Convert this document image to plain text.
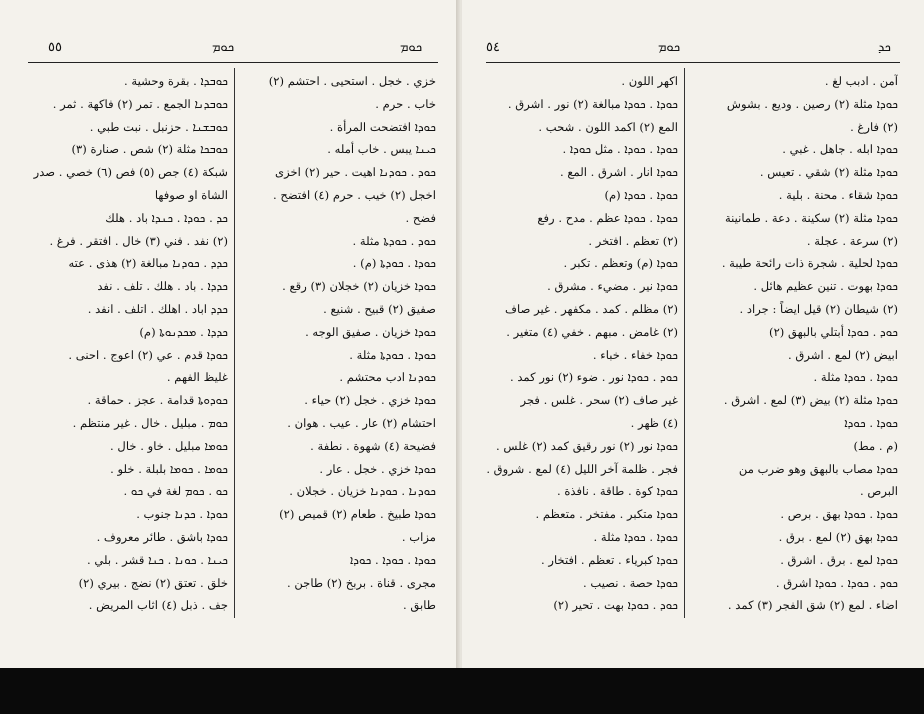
٥٥	ܟܘܡ	ܟܘܡ
ܟܘܒܕܐ . بقرة وحشية .
ܟܘܒܕܢܐ الجمع . تمر (٢) فاكهة . ثمر .
ܟܘܒܫܢܐ . حزنبل . نبت طبي .
ܟܘܒܟܐ مثلة (٢) شص . صنارة (٣)
شبكة (٤) جص (٥) فص (٦) خصي . صدر
الشاة او صوفها
ܟܕ . ܟܘܕܐ . ܟܢܕܐ باد . هلك
(٢) نفد . فني (٣) خال . افتقر . فرغ .
ܟܕܕ . ܟܘܕܢܐ مبالغة (٢) هذى . عته
ܟܕܕܐ . باد . هلك . تلف . نفد
ܟܕܕ اباد . اهلك . اتلف . انفد .
ܟܕܕܐ . ܡܟܕܢܘܬܐ (م)
ܟܘܕܐ قدم . عي (٢) اعوج . احنى .
غليظ الفهم .
ܟܘܕܘܬܐ قدامة . عجز . حماقة .
ܟܘܡ . مبليل . خال . غير منتظم .
ܟܘܡܐ مبليل . خاو . خال .
ܟܘܡܐ . ܟܘܡܐ بلبلة . خلو .
ܟܘ . ܟܘܡ لغة في ܟܘ .
ܟܘܕܐ . ܟܕܢܐ جنوب .
ܟܘܕܐ باشق . طائر معروف .
ܟܝܢܐ . ܟܘܢܐ . ܟܢܐ قشر . بلي .
خلق . تعتق (٢) نضج . بيري (٢)
جف . ذبل (٤) اثاب المريض .
خزي . خجل . استحيى . احتشم (٢)
خاب . حرم .
ܟܘܕܐ افتضحت المرأة .
ܟܝܢܐ يبس . خاب أمله .
ܟܘܕ . ܟܘܕܢܐ اهيت . حير (٢) اخزى
اخجل (٢) خيب . حرم (٤) افتضح .
فضح .
ܟܘܕ . ܟܘܕܬܐ مثلة .
ܟܘܕܐ . ܟܘܕܬܐ (م) .
ܟܘܕܐ خزيان (٢) خجلان (٣) رقع .
صفيق (٢) قبيح . شنيع .
ܟܘܕܐ خزيان . صفيق الوجه .
ܟܘܕܐ . ܟܘܕܬܐ مثلة .
ܟܘܕܢܐ ادب محتشم .
ܟܘܕܐ خزي . خجل (٢) حياء .
احتشام (٢) عار . عيب . هوان .
فضيحة (٤) شهوة . نطفة .
ܟܘܕܐ خزي . خجل . عار .
ܟܘܕܢܐ . ܟܘܕܢܐ خزيان . خجلان .
ܟܘܕܐ طبيخ . طعام (٢) قميص (٢)
مزاب .
ܟܘܕܐ . ܟܘܕܐ . ܟܘܕܐ
مجرى . قناة . بربخ (٢) طاجن .
طابق .
٥٤	ܟܘܡ	ܟܕ
اكهر اللون .
ܟܘܕܐ . ܟܘܕܐ مبالغة (٢) نور . اشرق .
المع (٢) اكمد اللون . شحب .
ܟܘܕܐ . ܟܘܕܐ . مثل ܟܘܕܐ .
ܟܘܕܐ انار . اشرق . المع .
ܟܘܕܐ . ܟܘܕܐ (م)
ܟܘܕܐ . ܟܘܕܐ عظم . مدح . رفع
(٢) تعظم . افتخر .
ܟܘܕܐ (م) وتعظم . تكبر .
ܟܘܕܐ نير . مضيء . مشرق .
(٢) مظلم . كمد . مكفهر . غير صاف
(٢) غامض . مبهم . خفي (٤) متغير .
ܟܘܕܐ خفاء . خباء .
ܟܘܕ . ܟܘܕܐ نور . ضوء (٢) نور كمد .
غير صاف (٢) سحر . غلس . فجر
(٤) ظهر .
ܟܘܕܐ نور (٢) نور رقيق كمد (٢) غلس .
فجر . ظلمة آخر الليل (٤) لمع . شروق .
ܟܘܕܐ كوة . طاقة . نافذة .
ܟܘܕܐ متكبر . مفتخر . متعظم .
ܟܘܕܐ . ܟܘܕܐ مثلة .
ܟܘܕܐ كبرياء . تعظم . افتخار .
ܟܘܕܐ حصة . نصيب .
ܟܘܕ . ܟܘܕܐ بهت . تحير (٢)
آمن . ادبب لغ .
ܟܘܕܐ مثلة (٢) رصين . وديع . بشوش
(٢) فارغ .
ܟܘܕܐ ابله . جاهل . غبي .
ܟܘܕܐ مثلة (٢) شقي . تعيس .
ܟܘܕܐ شقاء . محنة . بلية .
ܟܘܕܐ مثلة (٢) سكينة . دعة . طمانينة
(٢) سرعة . عجلة .
ܟܘܕܐ لحلية . شجرة ذات رائحة طيبة .
ܟܘܕܐ بهوت . تنين عظيم هائل .
(٢) شيطان (٢) قيل ايضاً : جراد .
ܟܘܕ . ܟܘܕܐ أبتلي بالبهق (٢)
ابيض (٢) لمع . اشرق .
ܟܘܕܐ . ܟܘܕܐ مثلة .
ܟܘܕܐ مثلة (٢) بيض (٣) لمع . اشرق .
ܟܘܕܐ . ܟܘܕܐ
(م . مط)
ܟܘܕܐ مصاب بالبهق وهو ضرب من
البرص .
ܟܘܕܐ . ܟܘܕܐ بهق . برص .
ܟܘܕܐ بهق (٢) لمع . برق .
ܟܘܕܐ لمع . برق . اشرق .
ܟܘܕ . ܟܘܕܐ . ܟܘܕܐ اشرق .
اضاء . لمع (٢) شق الفجر (٣) كمد .
